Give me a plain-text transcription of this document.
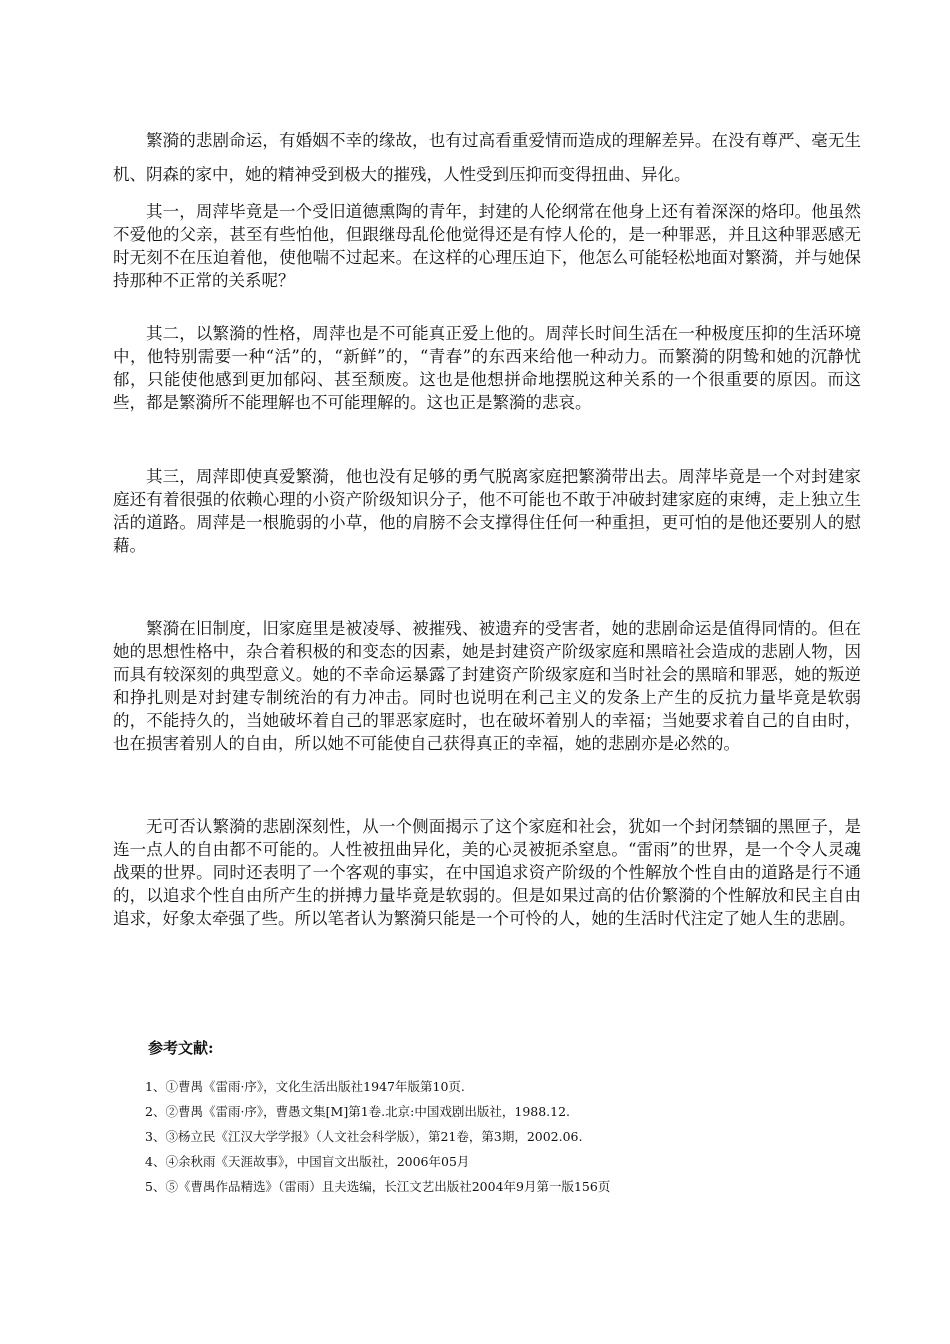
繁漪的悲剧命运，有婚姻不幸的缘故，也有过高看重爱情而造成的理解差异。在没有尊严、毫无生机、阴森的家中，她的精神受到极大的摧残，人性受到压抑而变得扭曲、异化。

其一，周萍毕竟是一个受旧道德熏陶的青年，封建的人伦纲常在他身上还有着深深的烙印。他虽然不爱他的父亲，甚至有些怕他，但跟继母乱伦他觉得还是有悖人伦的，是一种罪恶，并且这种罪恶感无时无刻不在压迫着他，使他喘不过起来。在这样的心理压迫下，他怎么可能轻松地面对繁漪，并与她保持那种不正常的关系呢？

其二，以繁漪的性格，周萍也是不可能真正爱上他的。周萍长时间生活在一种极度压抑的生活环境中，他特别需要一种“活”的，“新鲜”的，“青春”的东西来给他一种动力。而繁漪的阴鸷和她的沉静忧郁，只能使他感到更加郁闷、甚至颓废。这也是他想拼命地摆脱这种关系的一个很重要的原因。而这些，都是繁漪所不能理解也不可能理解的。这也正是繁漪的悲哀。

其三，周萍即使真爱繁漪，他也没有足够的勇气脱离家庭把繁漪带出去。周萍毕竟是一个对封建家庭还有着很强的依赖心理的小资产阶级知识分子，他不可能也不敢于冲破封建家庭的束缚，走上独立生活的道路。周萍是一根脆弱的小草，他的肩膀不会支撑得住任何一种重担，更可怕的是他还要别人的慰藉。

繁漪在旧制度，旧家庭里是被凌辱、被摧残、被遗弃的受害者，她的悲剧命运是值得同情的。但在她的思想性格中，杂合着积极的和变态的因素，她是封建资产阶级家庭和黑暗社会造成的悲剧人物，因而具有较深刻的典型意义。她的不幸命运暴露了封建资产阶级家庭和当时社会的黑暗和罪恶，她的叛逆和挣扎则是对封建专制统治的有力冲击。同时也说明在利己主义的发条上产生的反抗力量毕竟是软弱的，不能持久的，当她破坏着自己的罪恶家庭时，也在破坏着别人的幸福；当她要求着自己的自由时，也在损害着别人的自由，所以她不可能使自己获得真正的幸福，她的悲剧亦是必然的。

无可否认繁漪的悲剧深刻性，从一个侧面揭示了这个家庭和社会，犹如一个封闭禁锢的黑匣子，是连一点人的自由都不可能的。人性被扭曲异化，美的心灵被扼杀窒息。“雷雨”的世界，是一个令人灵魂战栗的世界。同时还表明了一个客观的事实，在中国追求资产阶级的个性解放个性自由的道路是行不通的，以追求个性自由所产生的拼搏力量毕竟是软弱的。但是如果过高的估价繁漪的个性解放和民主自由追求，好象太牵强了些。所以笔者认为繁漪只能是一个可怜的人，她的生活时代注定了她人生的悲剧。

参考文献:

1、①曹禺《雷雨·序》，文化生活出版社1947年版第10页.
2、②曹禺《雷雨·序》，曹愚文集[M]第1卷.北京:中国戏剧出版社，1988.12.
3、③杨立民《江汉大学学报》（人文社会科学版），第21卷，第3期，2002.06.
4、④余秋雨《天涯故事》，中国盲文出版社，2006年05月
5、⑤《曹禺作品精选》（雷雨）且夫选编，长江文艺出版社2004年9月第一版156页
